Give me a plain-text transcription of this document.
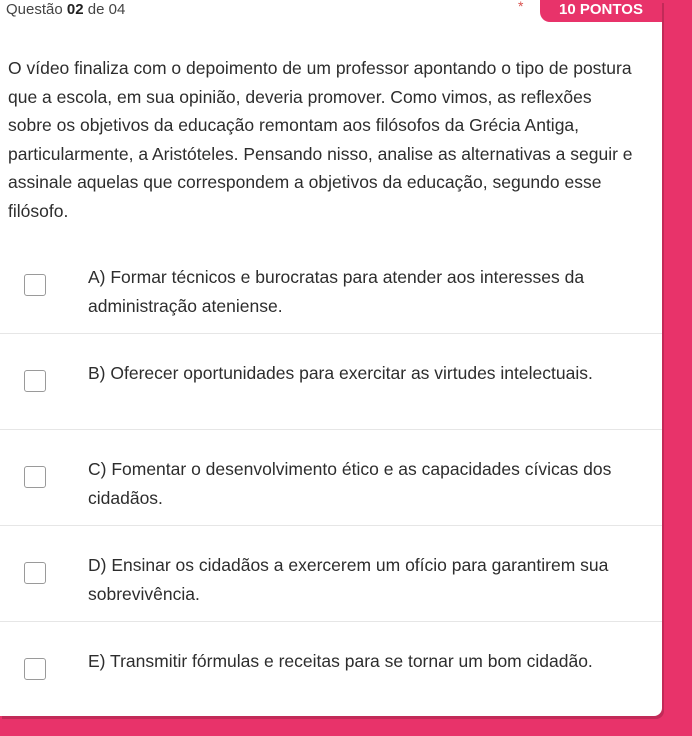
Questão 02 de 04	*	10 PONTOS
O vídeo finaliza com o depoimento de um professor apontando o tipo de postura que a escola, em sua opinião, deveria promover. Como vimos, as reflexões sobre os objetivos da educação remontam aos filósofos da Grécia Antiga, particularmente, a Aristóteles. Pensando nisso, analise as alternativas a seguir e assinale aquelas que correspondem a objetivos da educação, segundo esse filósofo.
A) Formar técnicos e burocratas para atender aos interesses da administração ateniense.
B) Oferecer oportunidades para exercitar as virtudes intelectuais.
C) Fomentar o desenvolvimento ético e as capacidades cívicas dos cidadãos.
D) Ensinar os cidadãos a exercerem um ofício para garantirem sua sobrevivência.
E) Transmitir fórmulas e receitas para se tornar um bom cidadão.
